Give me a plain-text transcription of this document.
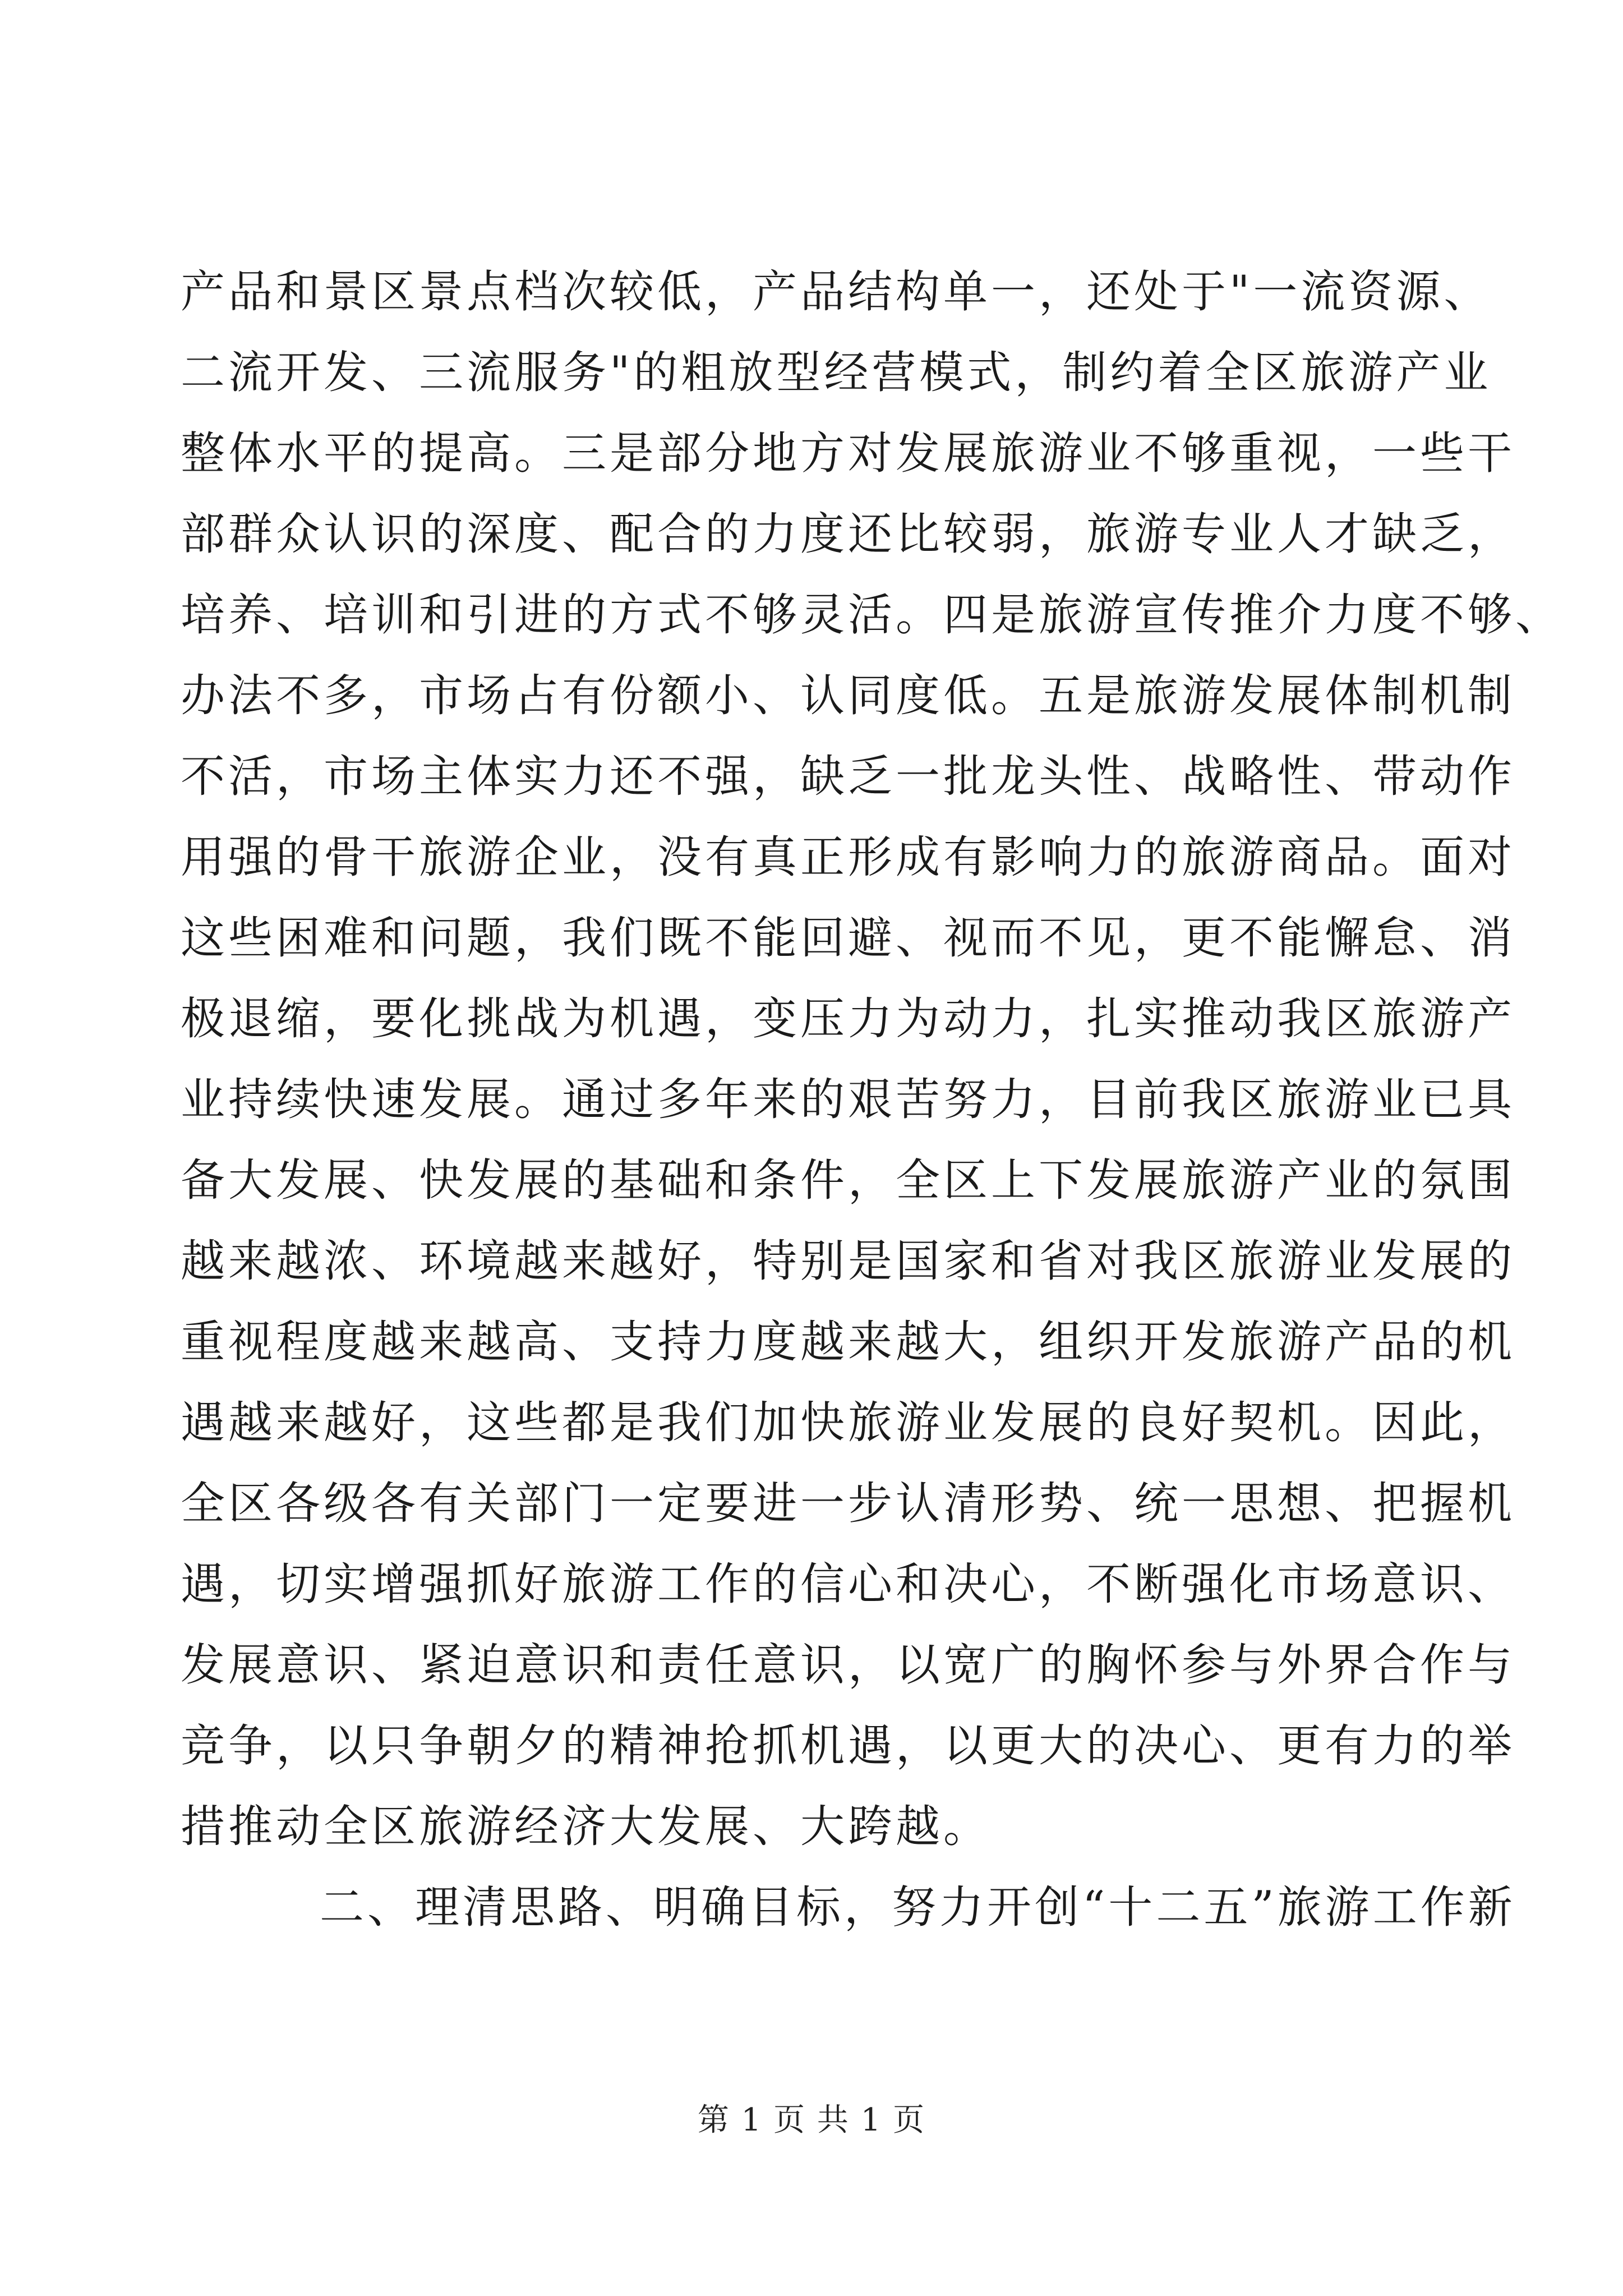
产品和景区景点档次较低，产品结构单一，还处于"一流资源、
二流开发、三流服务"的粗放型经营模式，制约着全区旅游产业
整体水平的提高。三是部分地方对发展旅游业不够重视，一些干
部群众认识的深度、配合的力度还比较弱，旅游专业人才缺乏，
培养、培训和引进的方式不够灵活。四是旅游宣传推介力度不够、
办法不多，市场占有份额小、认同度低。五是旅游发展体制机制
不活，市场主体实力还不强，缺乏一批龙头性、战略性、带动作
用强的骨干旅游企业，没有真正形成有影响力的旅游商品。面对
这些困难和问题，我们既不能回避、视而不见，更不能懈怠、消
极退缩，要化挑战为机遇，变压力为动力，扎实推动我区旅游产
业持续快速发展。通过多年来的艰苦努力，目前我区旅游业已具
备大发展、快发展的基础和条件，全区上下发展旅游产业的氛围
越来越浓、环境越来越好，特别是国家和省对我区旅游业发展的
重视程度越来越高、支持力度越来越大，组织开发旅游产品的机
遇越来越好，这些都是我们加快旅游业发展的良好契机。因此，
全区各级各有关部门一定要进一步认清形势、统一思想、把握机
遇，切实增强抓好旅游工作的信心和决心，不断强化市场意识、
发展意识、紧迫意识和责任意识，以宽广的胸怀参与外界合作与
竞争，以只争朝夕的精神抢抓机遇，以更大的决心、更有力的举
措推动全区旅游经济大发展、大跨越。
二、理清思路、明确目标，努力开创“十二五”旅游工作新
第 1 页 共 1 页
